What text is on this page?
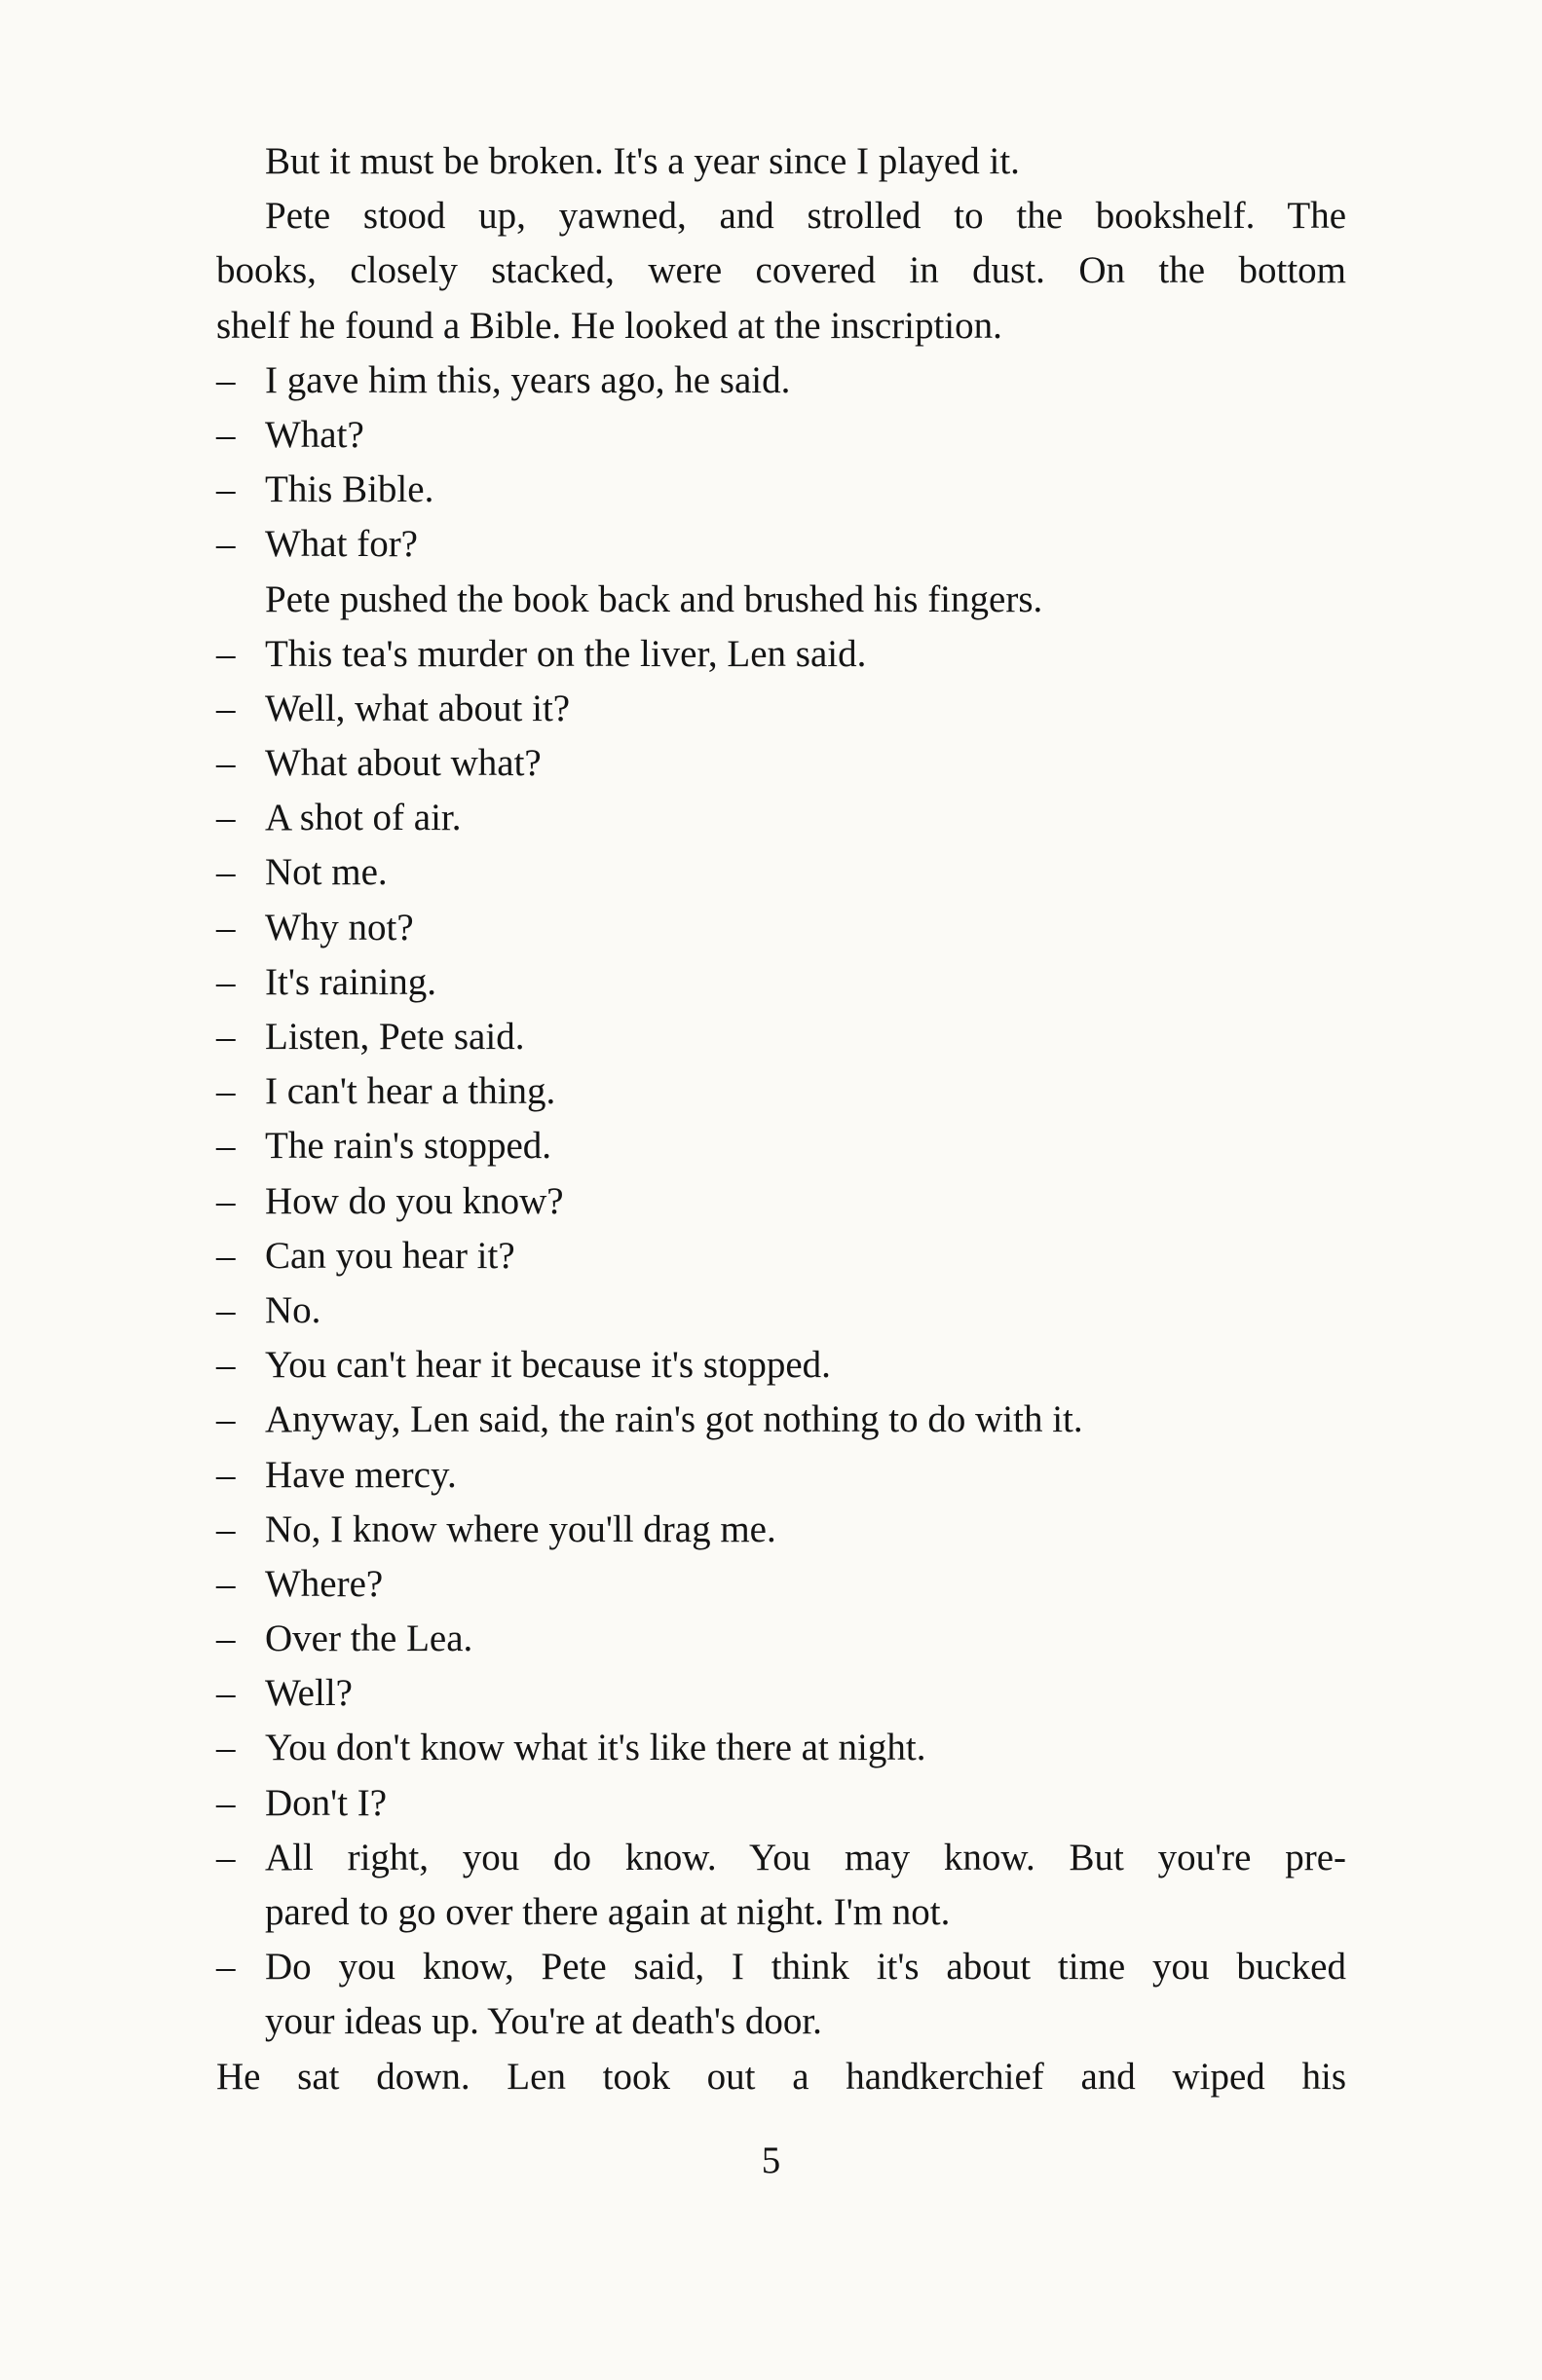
But it must be broken. It's a year since I played it.
Pete stood up, yawned, and strolled to the bookshelf. The
books, closely stacked, were covered in dust. On the bottom
shelf he found a Bible. He looked at the inscription.
– I gave him this, years ago, he said.
– What?
– This Bible.
– What for?
Pete pushed the book back and brushed his fingers.
– This tea's murder on the liver, Len said.
– Well, what about it?
– What about what?
– A shot of air.
– Not me.
– Why not?
– It's raining.
– Listen, Pete said.
– I can't hear a thing.
– The rain's stopped.
– How do you know?
– Can you hear it?
– No.
– You can't hear it because it's stopped.
– Anyway, Len said, the rain's got nothing to do with it.
– Have mercy.
– No, I know where you'll drag me.
– Where?
– Over the Lea.
– Well?
– You don't know what it's like there at night.
– Don't I?
– All right, you do know. You may know. But you're pre-
pared to go over there again at night. I'm not.
– Do you know, Pete said, I think it's about time you bucked
your ideas up. You're at death's door.
He sat down. Len took out a handkerchief and wiped his
5
